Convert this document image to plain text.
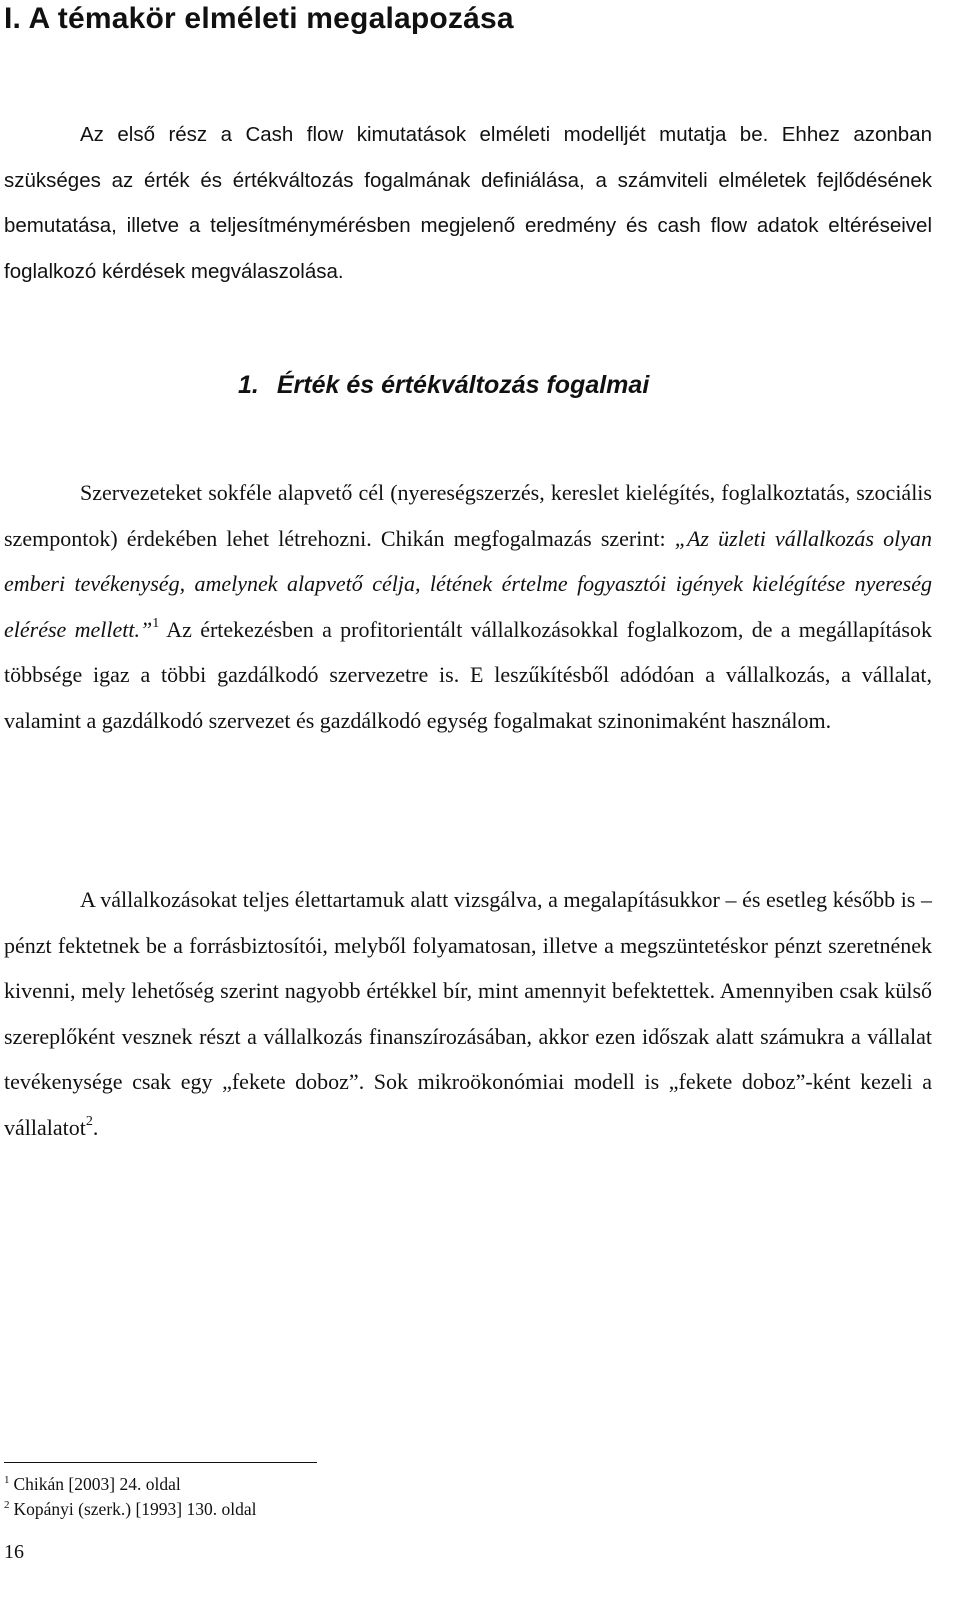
I. A témakör elméleti megalapozása

Az első rész a Cash flow kimutatások elméleti modelljét mutatja be. Ehhez azonban szükséges az érték és értékváltozás fogalmának definiálása, a számviteli elméletek fejlődésének bemutatása, illetve a teljesítménymérésben megjelenő eredmény és cash flow adatok eltéréseivel foglalkozó kérdések megválaszolása.

1. Érték és értékváltozás fogalmai

Szervezeteket sokféle alapvető cél (nyereségszerzés, kereslet kielégítés, foglalkoztatás, szociális szempontok) érdekében lehet létrehozni. Chikán megfogalmazás szerint: „Az üzleti vállalkozás olyan emberi tevékenység, amelynek alapvető célja, létének értelme fogyasztói igények kielégítése nyereség elérése mellett.”$^1$ Az értekezésben a profitorientált vállalkozásokkal foglalkozom, de a megállapítások többsége igaz a többi gazdálkodó szervezetre is. E leszűkítésből adódóan a vállalkozás, a vállalat, valamint a gazdálkodó szervezet és gazdálkodó egység fogalmakat szinonimaként használom.

A vállalkozásokat teljes élettartamuk alatt vizsgálva, a megalapításukkor – és esetleg később is – pénzt fektetnek be a forrásbiztosítói, melyből folyamatosan, illetve a megszüntetéskor pénzt szeretnének kivenni, mely lehetőség szerint nagyobb értékkel bír, mint amennyit befektettek. Amennyiben csak külső szereplőként vesznek részt a vállalkozás finanszírozásában, akkor ezen időszak alatt számukra a vállalat tevékenysége csak egy „fekete doboz”. Sok mikroökonómiai modell is „fekete doboz”-ként kezeli a vállalatot$^2$.

$^1$ Chikán [2003] 24. oldal
$^2$ Kopányi (szerk.) [1993] 130. oldal
16
